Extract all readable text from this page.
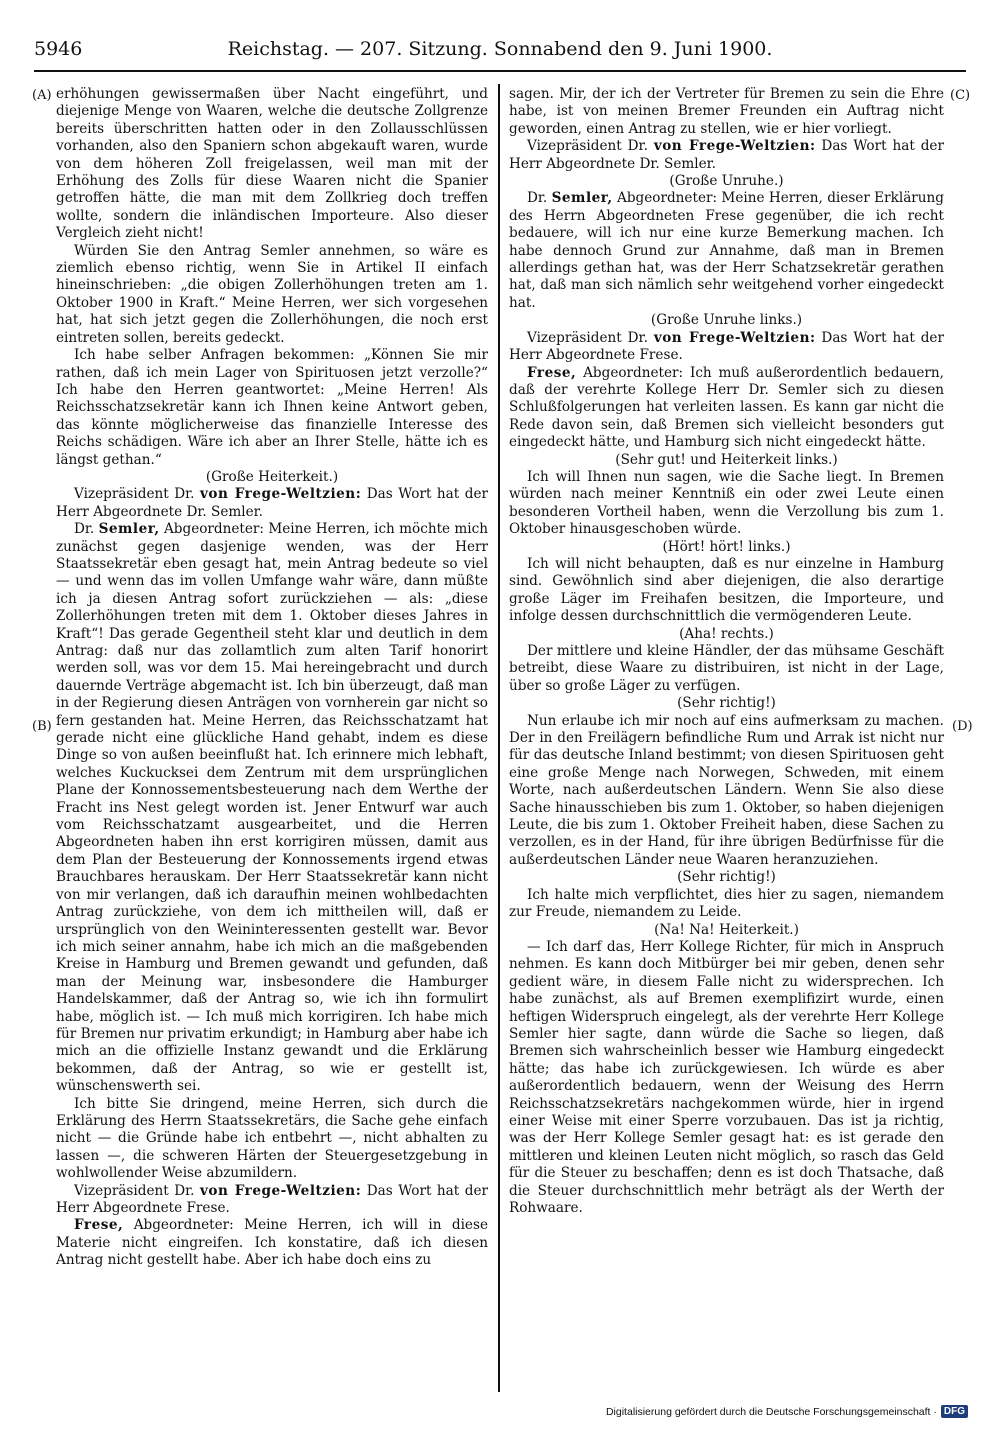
5946	Reichstag. — 207. Sitzung. Sonnabend den 9. Juni 1900.
(A)
(B)
(C)
(D)

erhöhungen gewissermaßen über Nacht eingeführt, und diejenige Menge von Waaren, welche die deutsche Zollgrenze bereits überschritten hatten oder in den Zollausschlüssen vorhanden, also den Spaniern schon abgekauft waren, wurde von dem höheren Zoll freigelassen, weil man mit der Erhöhung des Zolls für diese Waaren nicht die Spanier getroffen hätte, die man mit dem Zollkrieg doch treffen wollte, sondern die inländischen Importeure. Also dieser Vergleich zieht nicht!

Würden Sie den Antrag Semler annehmen, so wäre es ziemlich ebenso richtig, wenn Sie in Artikel II einfach hineinschrieben: „die obigen Zollerhöhungen treten am 1. Oktober 1900 in Kraft.“ Meine Herren, wer sich vorgesehen hat, hat sich jetzt gegen die Zollerhöhungen, die noch erst eintreten sollen, bereits gedeckt.

Ich habe selber Anfragen bekommen: „Können Sie mir rathen, daß ich mein Lager von Spirituosen jetzt verzolle?“ Ich habe den Herren geantwortet: „Meine Herren! Als Reichsschatzsekretär kann ich Ihnen keine Antwort geben, das könnte möglicherweise das finanzielle Interesse des Reichs schädigen. Wäre ich aber an Ihrer Stelle, hätte ich es längst gethan.“

(Große Heiterkeit.)

Vizepräsident Dr. von Frege-Weltzien: Das Wort hat der Herr Abgeordnete Dr. Semler.

Dr. Semler, Abgeordneter: Meine Herren, ich möchte mich zunächst gegen dasjenige wenden, was der Herr Staatssekretär eben gesagt hat, mein Antrag bedeute so viel — und wenn das im vollen Umfange wahr wäre, dann müßte ich ja diesen Antrag sofort zurückziehen — als: „diese Zollerhöhungen treten mit dem 1. Oktober dieses Jahres in Kraft“! Das gerade Gegentheil steht klar und deutlich in dem Antrag: daß nur das zollamtlich zum alten Tarif honorirt werden soll, was vor dem 15. Mai hereingebracht und durch dauernde Verträge abgemacht ist. Ich bin überzeugt, daß man in der Regierung diesen Anträgen von vornherein gar nicht so fern gestanden hat. Meine Herren, das Reichsschatzamt hat gerade nicht eine glückliche Hand gehabt, indem es diese Dinge so von außen beeinflußt hat. Ich erinnere mich lebhaft, welches Kuckucksei dem Zentrum mit dem ursprünglichen Plane der Konnossementsbesteuerung nach dem Werthe der Fracht ins Nest gelegt worden ist. Jener Entwurf war auch vom Reichsschatzamt ausgearbeitet, und die Herren Abgeordneten haben ihn erst korrigiren müssen, damit aus dem Plan der Besteuerung der Konnossements irgend etwas Brauchbares herauskam. Der Herr Staatssekretär kann nicht von mir verlangen, daß ich daraufhin meinen wohlbedachten Antrag zurückziehe, von dem ich mittheilen will, daß er ursprünglich von den Weininteressenten gestellt war. Bevor ich mich seiner annahm, habe ich mich an die maßgebenden Kreise in Hamburg und Bremen gewandt und gefunden, daß man der Meinung war, insbesondere die Hamburger Handelskammer, daß der Antrag so, wie ich ihn formulirt habe, möglich ist. — Ich muß mich korrigiren. Ich habe mich für Bremen nur privatim erkundigt; in Hamburg aber habe ich mich an die offizielle Instanz gewandt und die Erklärung bekommen, daß der Antrag, so wie er gestellt ist, wünschenswerth sei.

Ich bitte Sie dringend, meine Herren, sich durch die Erklärung des Herrn Staatssekretärs, die Sache gehe einfach nicht — die Gründe habe ich entbehrt —, nicht abhalten zu lassen —, die schweren Härten der Steuergesetzgebung in wohlwollender Weise abzumildern.

Vizepräsident Dr. von Frege-Weltzien: Das Wort hat der Herr Abgeordnete Frese.

Frese, Abgeordneter: Meine Herren, ich will in diese Materie nicht eingreifen. Ich konstatire, daß ich diesen Antrag nicht gestellt habe. Aber ich habe doch eins zu

sagen. Mir, der ich der Vertreter für Bremen zu sein die Ehre habe, ist von meinen Bremer Freunden ein Auftrag nicht geworden, einen Antrag zu stellen, wie er hier vorliegt.

Vizepräsident Dr. von Frege-Weltzien: Das Wort hat der Herr Abgeordnete Dr. Semler.

(Große Unruhe.)

Dr. Semler, Abgeordneter: Meine Herren, dieser Erklärung des Herrn Abgeordneten Frese gegenüber, die ich recht bedauere, will ich nur eine kurze Bemerkung machen. Ich habe dennoch Grund zur Annahme, daß man in Bremen allerdings gethan hat, was der Herr Schatzsekretär gerathen hat, daß man sich nämlich sehr weitgehend vorher eingedeckt hat.

(Große Unruhe links.)

Vizepräsident Dr. von Frege-Weltzien: Das Wort hat der Herr Abgeordnete Frese.

Frese, Abgeordneter: Ich muß außerordentlich bedauern, daß der verehrte Kollege Herr Dr. Semler sich zu diesen Schlußfolgerungen hat verleiten lassen. Es kann gar nicht die Rede davon sein, daß Bremen sich vielleicht besonders gut eingedeckt hätte, und Hamburg sich nicht eingedeckt hätte.

(Sehr gut! und Heiterkeit links.)

Ich will Ihnen nun sagen, wie die Sache liegt. In Bremen würden nach meiner Kenntniß ein oder zwei Leute einen besonderen Vortheil haben, wenn die Verzollung bis zum 1. Oktober hinausgeschoben würde.

(Hört! hört! links.)

Ich will nicht behaupten, daß es nur einzelne in Hamburg sind. Gewöhnlich sind aber diejenigen, die also derartige große Läger im Freihafen besitzen, die Importeure, und infolge dessen durchschnittlich die vermögenderen Leute.

(Aha! rechts.)

Der mittlere und kleine Händler, der das mühsame Geschäft betreibt, diese Waare zu distribuiren, ist nicht in der Lage, über so große Läger zu verfügen.

(Sehr richtig!)

Nun erlaube ich mir noch auf eins aufmerksam zu machen. Der in den Freilägern befindliche Rum und Arrak ist nicht nur für das deutsche Inland bestimmt; von diesen Spirituosen geht eine große Menge nach Norwegen, Schweden, mit einem Worte, nach außerdeutschen Ländern. Wenn Sie also diese Sache hinausschieben bis zum 1. Oktober, so haben diejenigen Leute, die bis zum 1. Oktober Freiheit haben, diese Sachen zu verzollen, es in der Hand, für ihre übrigen Bedürfnisse für die außerdeutschen Länder neue Waaren heranzuziehen.

(Sehr richtig!)

Ich halte mich verpflichtet, dies hier zu sagen, niemandem zur Freude, niemandem zu Leide.

(Na! Na! Heiterkeit.)

— Ich darf das, Herr Kollege Richter, für mich in Anspruch nehmen. Es kann doch Mitbürger bei mir geben, denen sehr gedient wäre, in diesem Falle nicht zu widersprechen. Ich habe zunächst, als auf Bremen exemplifizirt wurde, einen heftigen Widerspruch eingelegt, als der verehrte Herr Kollege Semler hier sagte, dann würde die Sache so liegen, daß Bremen sich wahrscheinlich besser wie Hamburg eingedeckt hätte; das habe ich zurückgewiesen. Ich würde es aber außerordentlich bedauern, wenn der Weisung des Herrn Reichsschatzsekretärs nachgekommen würde, hier in irgend einer Weise mit einer Sperre vorzubauen. Das ist ja richtig, was der Herr Kollege Semler gesagt hat: es ist gerade den mittleren und kleinen Leuten nicht möglich, so rasch das Geld für die Steuer zu beschaffen; denn es ist doch Thatsache, daß die Steuer durchschnittlich mehr beträgt als der Werth der Rohwaare.

Digitalisierung gefördert durch die Deutsche Forschungsgemeinschaft · DFG
